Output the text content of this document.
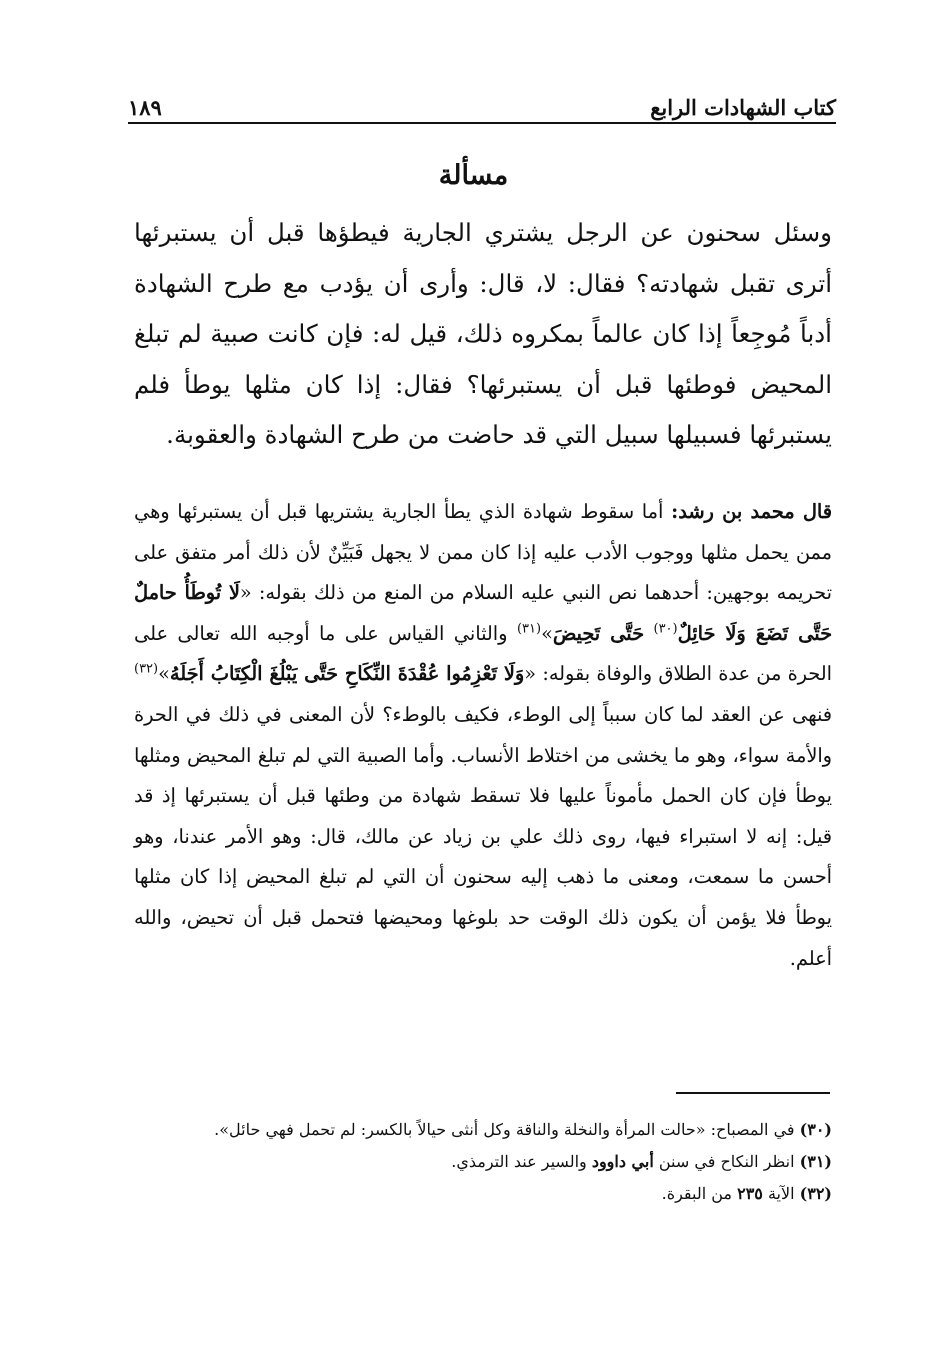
كتاب الشهادات الرابع
١٨٩
مسألة

وسئل سحنون عن الرجل يشتري الجارية فيطؤها قبل أن يستبرئها أترى تقبل شهادته؟ فقال: لا، قال: وأرى أن يؤدب مع طرح الشهادة أدباً مُوجِعاً إذا كان عالماً بمكروه ذلك، قيل له: فإن كانت صبية لم تبلغ المحيض فوطئها قبل أن يستبرئها؟ فقال: إذا كان مثلها يوطأ فلم يستبرئها فسبيلها سبيل التي قد حاضت من طرح الشهادة والعقوبة.

قال محمد بن رشد: أما سقوط شهادة الذي يطأ الجارية يشتريها قبل أن يستبرئها وهي ممن يحمل مثلها ووجوب الأدب عليه إذا كان ممن لا يجهل فَبَيِّنٌ لأن ذلك أمر متفق على تحريمه بوجهين: أحدهما نص النبي عليه السلام من المنع من ذلك بقوله: «لَا تُوطَأُ حاملٌ حَتَّى تَضَعَ وَلَا حَائِلٌ$^{(٣٠)}$ حَتَّى تَحِيضَ»$^{(٣١)}$ والثاني القياس على ما أوجبه الله تعالى على الحرة من عدة الطلاق والوفاة بقوله: «وَلَا تَعْزِمُوا عُقْدَةَ النِّكَاحِ حَتَّى يَبْلُغَ الْكِتَابُ أَجَلَهُ»$^{(٣٢)}$ فنهى عن العقد لما كان سبباً إلى الوطء، فكيف بالوطء؟ لأن المعنى في ذلك في الحرة والأمة سواء، وهو ما يخشى من اختلاط الأنساب. وأما الصبية التي لم تبلغ المحيض ومثلها يوطأ فإن كان الحمل مأموناً عليها فلا تسقط شهادة من وطئها قبل أن يستبرئها إذ قد قيل: إنه لا استبراء فيها، روى ذلك علي بن زياد عن مالك، قال: وهو الأمر عندنا، وهو أحسن ما سمعت، ومعنى ما ذهب إليه سحنون أن التي لم تبلغ المحيض إذا كان مثلها يوطأ فلا يؤمن أن يكون ذلك الوقت حد بلوغها ومحيضها فتحمل قبل أن تحيض، والله أعلم.

(٣٠) في المصباح: «حالت المرأة والنخلة والناقة وكل أنثى حيالاً بالكسر: لم تحمل فهي حائل».

(٣١) انظر النكاح في سنن أبي داوود والسير عند الترمذي.

(٣٢) الآية ٢٣٥ من البقرة.
